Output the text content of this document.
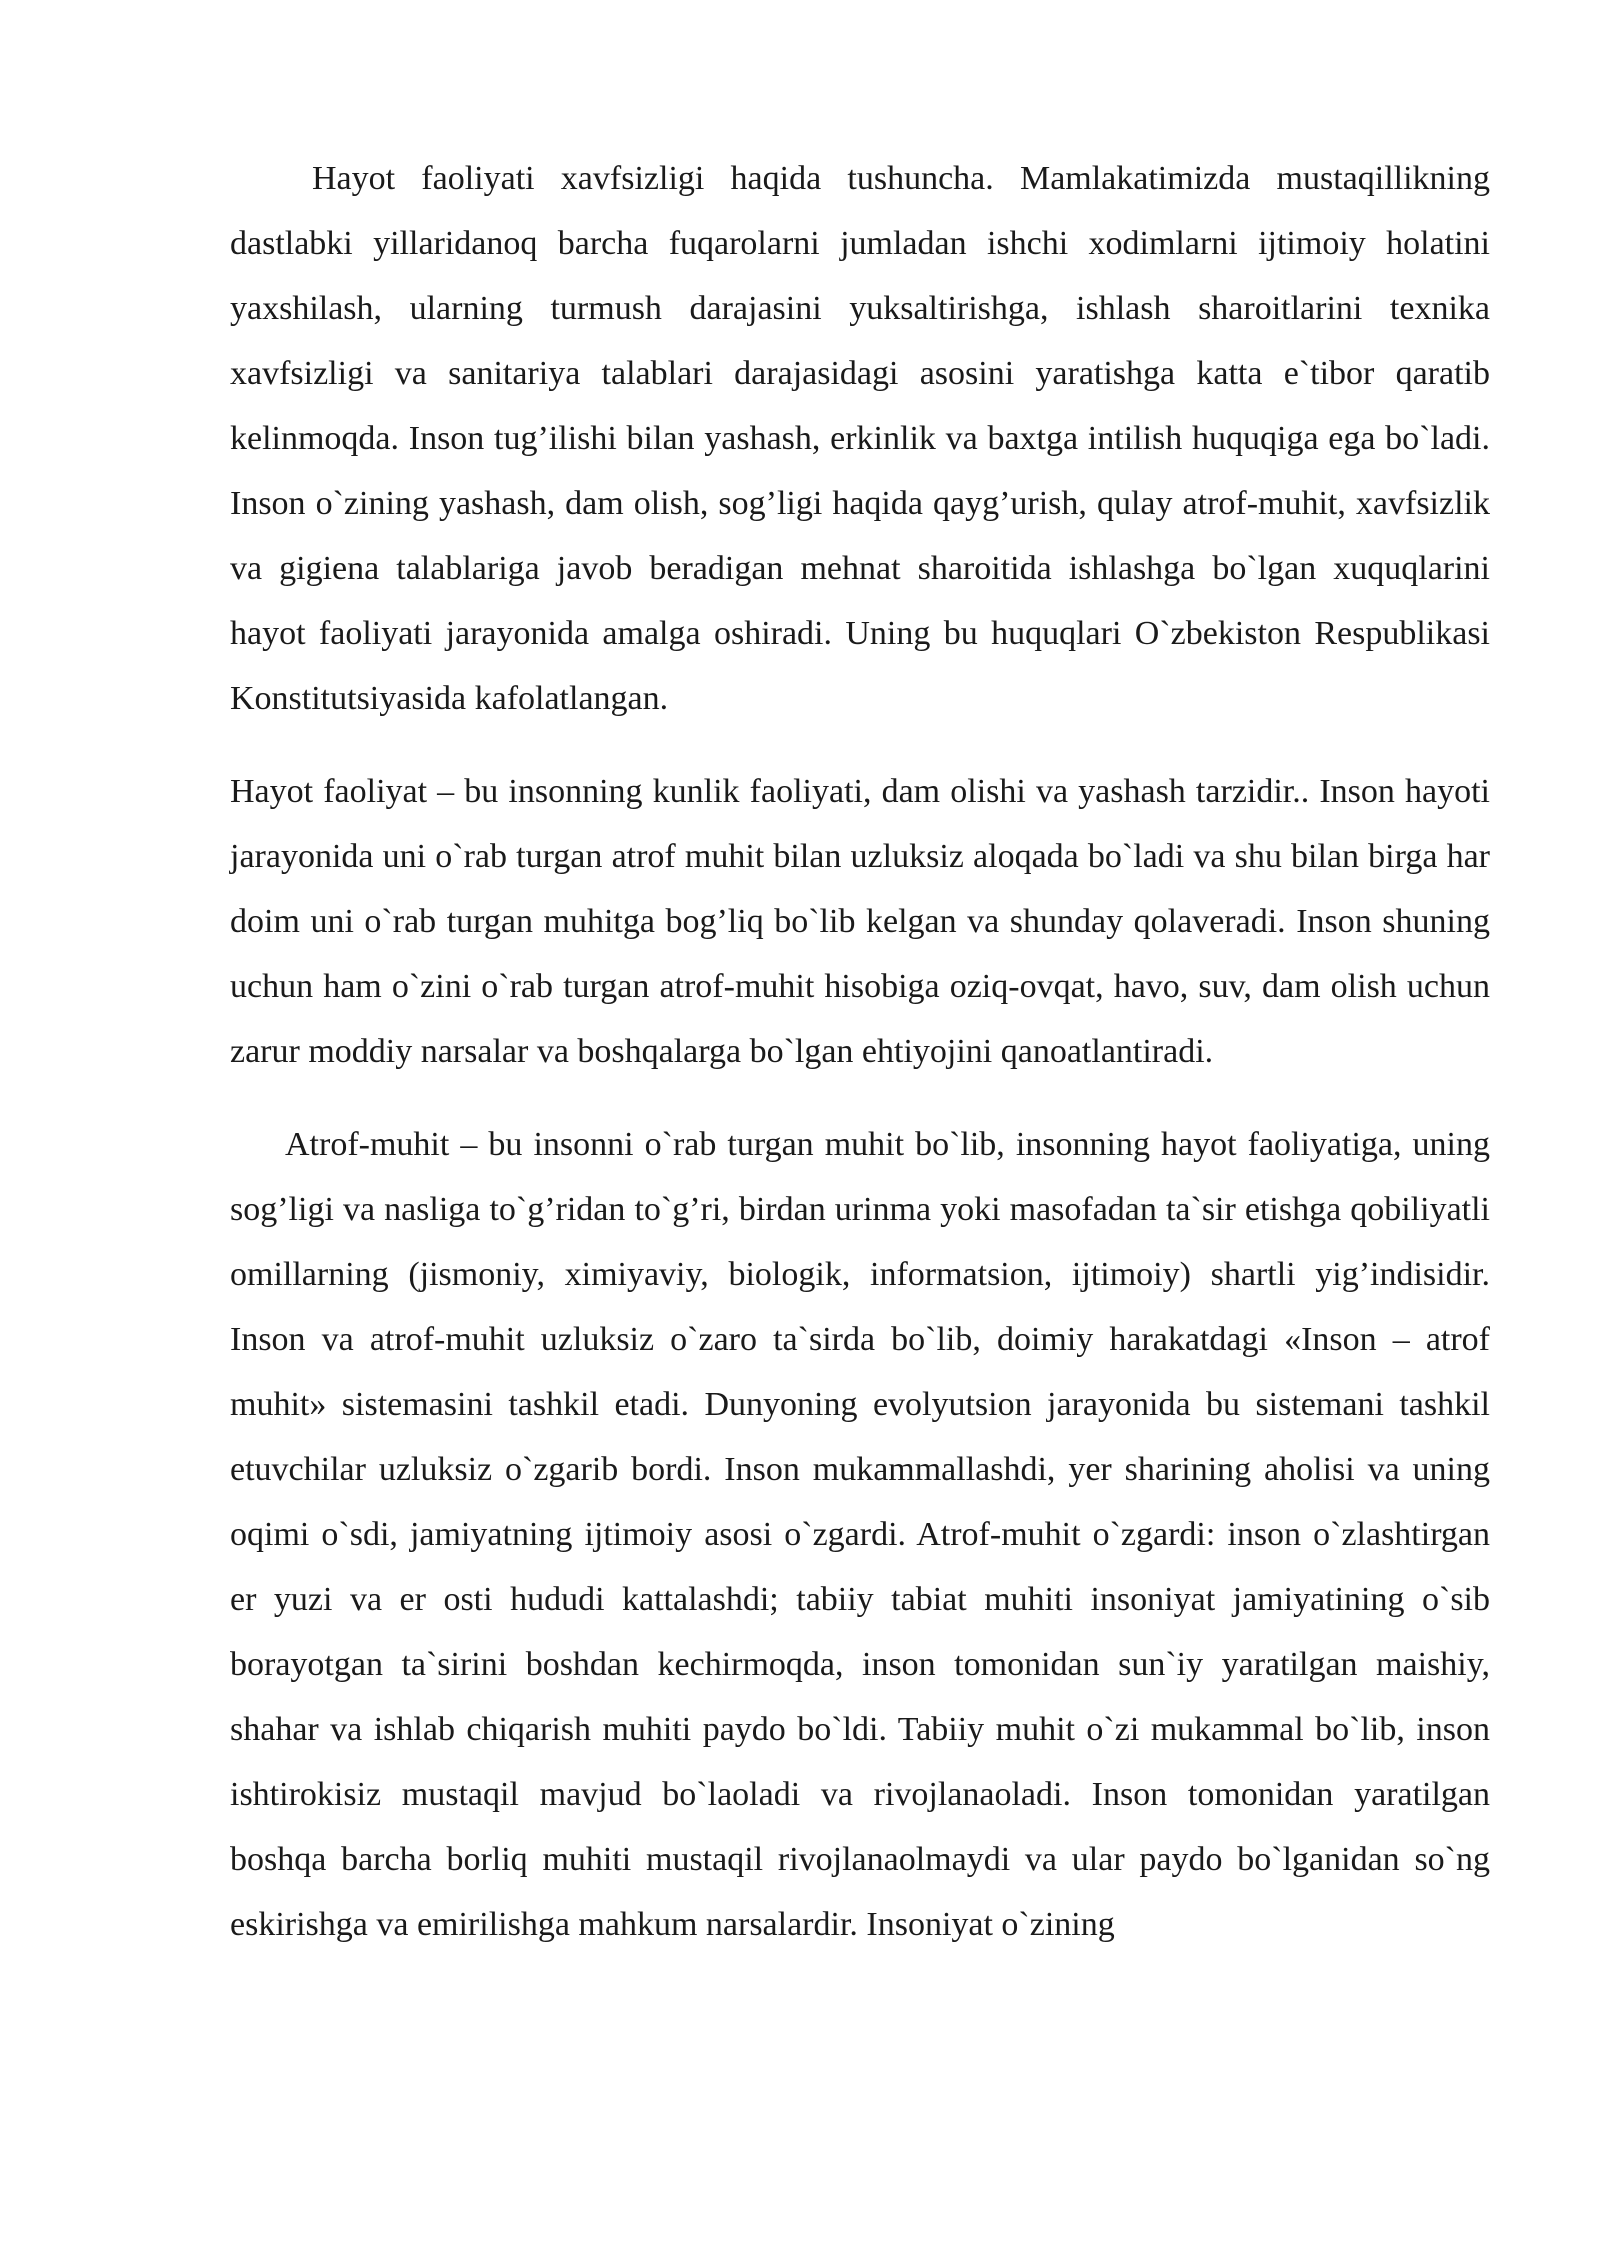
Hayot faoliyati xavfsizligi haqida tushuncha. Mamlakatimizda mustaqillikning dastlabki yillaridanoq barcha fuqarolarni jumladan ishchi xodimlarni ijtimoiy holatini yaxshilash, ularning turmush darajasini yuksaltirishga, ishlash sharoitlarini texnika xavfsizligi va sanitariya talablari darajasidagi asosini yaratishga katta e`tibor qaratib kelinmoqda. Inson tug’ilishi bilan yashash, erkinlik va baxtga intilish huquqiga ega bo`ladi. Inson o`zining yashash, dam olish, sog’ligi haqida qayg’urish, qulay atrof-muhit, xavfsizlik va gigiena talablariga javob beradigan mehnat sharoitida ishlashga bo`lgan xuquqlarini hayot faoliyati jarayonida amalga oshiradi. Uning bu huquqlari O`zbekiston Respublikasi Konstitutsiyasida kafolatlangan.

Hayot faoliyat – bu insonning kunlik faoliyati, dam olishi va yashash tarzidir.. Inson hayoti jarayonida uni o`rab turgan atrof muhit bilan uzluksiz aloqada bo`ladi va shu bilan birga har doim uni o`rab turgan muhitga bog’liq bo`lib kelgan va shunday qolaveradi. Inson shuning uchun ham o`zini o`rab turgan atrof-muhit hisobiga oziq-ovqat, havo, suv, dam olish uchun zarur moddiy narsalar va boshqalarga bo`lgan ehtiyojini qanoatlantiradi.

Atrof-muhit – bu insonni o`rab turgan muhit bo`lib, insonning hayot faoliyatiga, uning sog’ligi va nasliga to`g’ridan to`g’ri, birdan urinma yoki masofadan ta`sir etishga qobiliyatli omillarning (jismoniy, ximiyaviy, biologik, informatsion, ijtimoiy) shartli yig’indisidir. Inson va atrof-muhit uzluksiz o`zaro ta`sirda bo`lib, doimiy harakatdagi «Inson – atrof muhit» sistemasini tashkil etadi. Dunyoning evolyutsion jarayonida bu sistemani tashkil etuvchilar uzluksiz o`zgarib bordi. Inson mukammallashdi, yer sharining aholisi va uning oqimi o`sdi, jamiyatning ijtimoiy asosi o`zgardi. Atrof-muhit o`zgardi: inson o`zlashtirgan er yuzi va er osti hududi kattalashdi; tabiiy tabiat muhiti insoniyat jamiyatining o`sib borayotgan ta`sirini boshdan kechirmoqda, inson tomonidan sun`iy yaratilgan maishiy, shahar va ishlab chiqarish muhiti paydo bo`ldi. Tabiiy muhit o`zi mukammal bo`lib, inson ishtirokisiz mustaqil mavjud bo`laoladi va rivojlanaoladi. Inson tomonidan yaratilgan boshqa barcha borliq muhiti mustaqil rivojlanaolmaydi va ular paydo bo`lganidan so`ng eskirishga va emirilishga mahkum narsalardir. Insoniyat o`zining
